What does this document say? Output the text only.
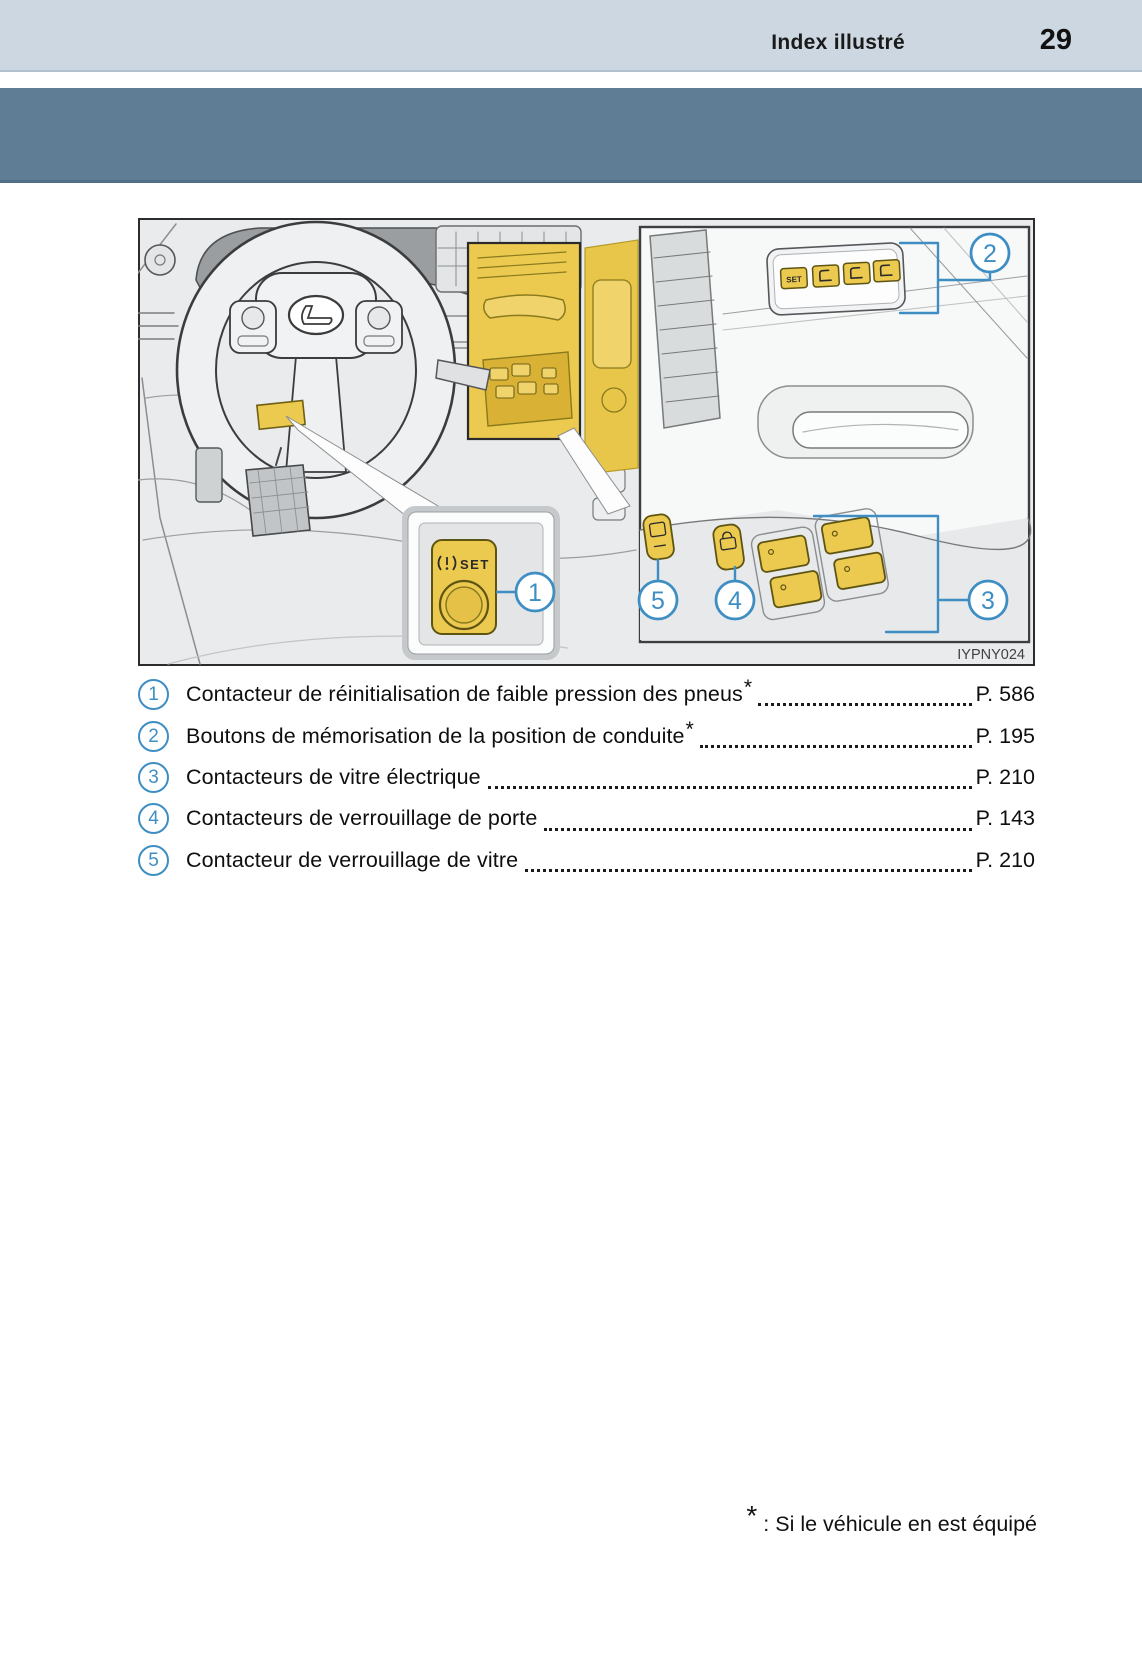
Index illustré	29
SET
1
SET
2
3
4
5
IYPNY024
1	Contacteur de réinitialisation de faible pression des pneus*	P. 586
2	Boutons de mémorisation de la position de conduite*	P. 195
3	Contacteurs de vitre électrique	P. 210
4	Contacteurs de verrouillage de porte	P. 143
5	Contacteur de verrouillage de vitre	P. 210
* : Si le véhicule en est équipé
